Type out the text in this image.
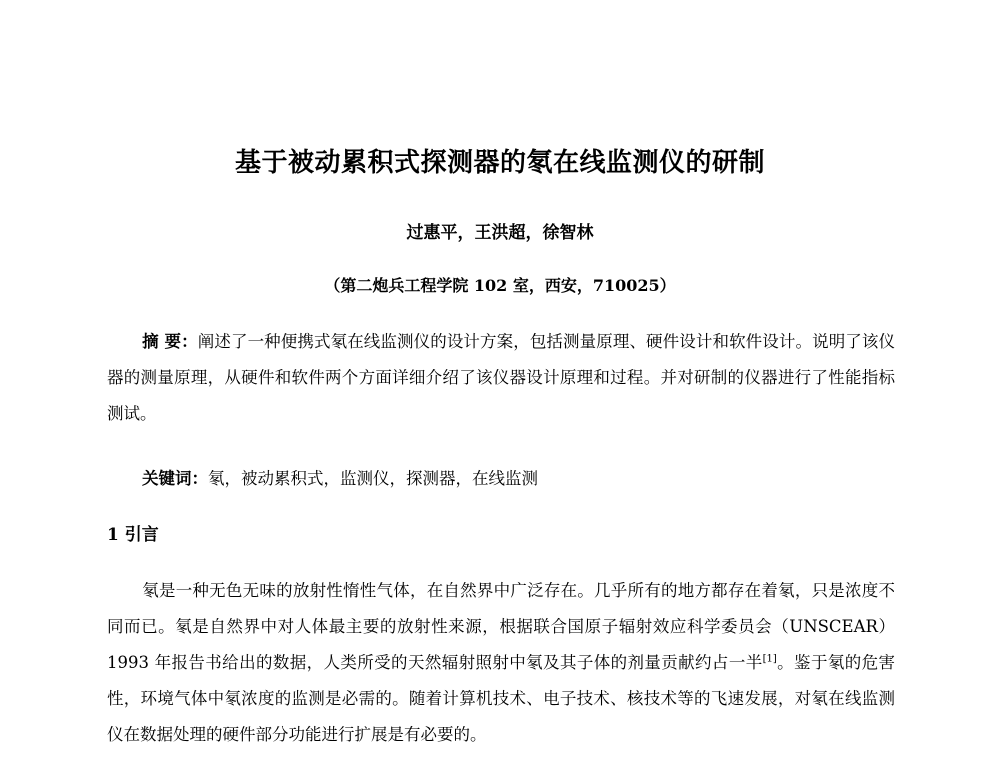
基于被动累积式探测器的氡在线监测仪的研制
过惠平，王洪超，徐智林
（第二炮兵工程学院 102 室，西安，710025）
摘 要：阐述了一种便携式氡在线监测仪的设计方案，包括测量原理、硬件设计和软件设计。说明了该仪器的测量原理，从硬件和软件两个方面详细介绍了该仪器设计原理和过程。并对研制的仪器进行了性能指标测试。
关键词：氡，被动累积式，监测仪，探测器，在线监测
1 引言
氡是一种无色无味的放射性惰性气体，在自然界中广泛存在。几乎所有的地方都存在着氡，只是浓度不同而已。氡是自然界中对人体最主要的放射性来源，根据联合国原子辐射效应科学委员会（UNSCEAR）1993 年报告书给出的数据，人类所受的天然辐射照射中氡及其子体的剂量贡献约占一半[1]。鉴于氡的危害性，环境气体中氡浓度的监测是必需的。随着计算机技术、电子技术、核技术等的飞速发展，对氡在线监测仪在数据处理的硬件部分功能进行扩展是有必要的。
